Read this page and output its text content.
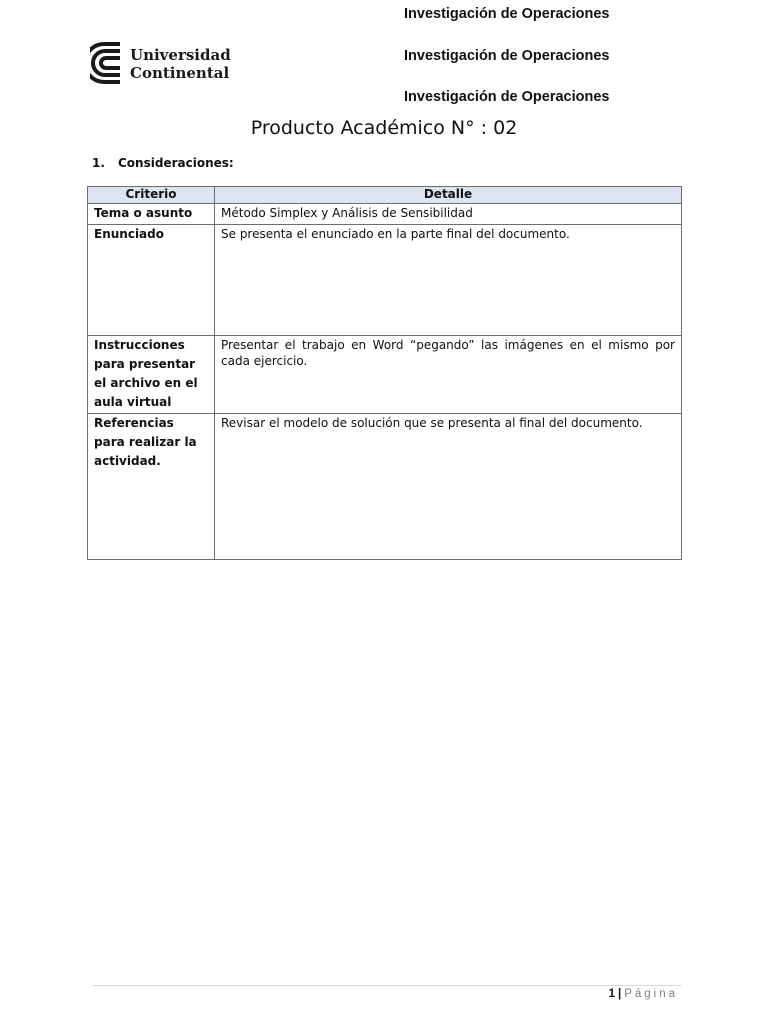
Investigación de Operaciones
Investigación de Operaciones
Investigación de Operaciones
Universidad
Continental
Producto Académico N° : 02
1. Consideraciones:
Criterio	Detalle
Tema o asunto	Método Simplex y Análisis de Sensibilidad
Enunciado	Se presenta el enunciado en la parte final del documento.
Instrucciones para presentar el archivo en el aula virtual	Presentar el trabajo en Word “pegando” las imágenes en el mismo por cada ejercicio.
Referencias para realizar la actividad.	Revisar el modelo de solución que se presenta al final del documento.
1 | Página
